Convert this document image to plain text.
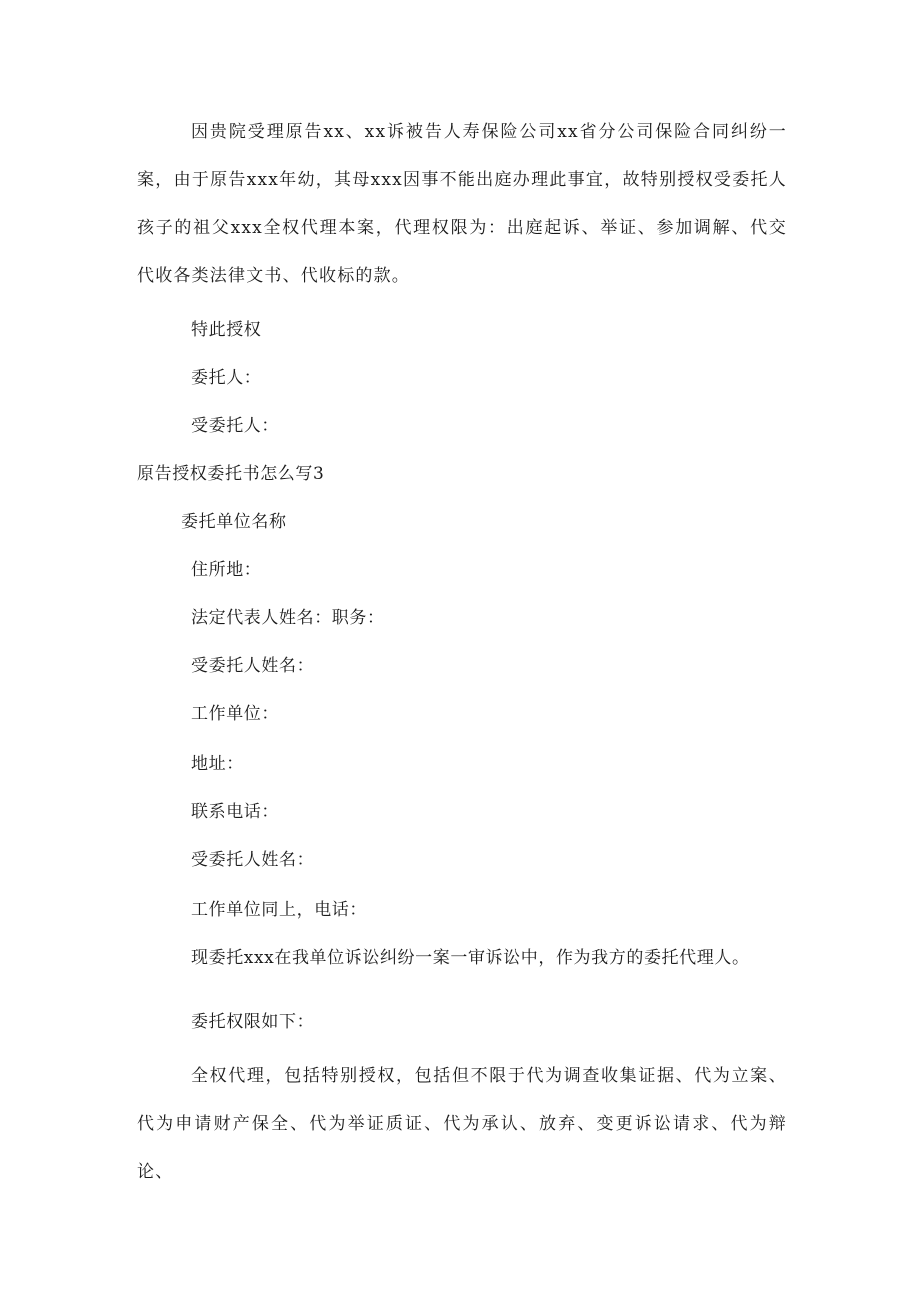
因贵院受理原告xx、xx诉被告人寿保险公司xx省分公司保险合同纠纷一案，由于原告xxx年幼，其母xxx因事不能出庭办理此事宜，故特别授权受委托人孩子的祖父xxx全权代理本案，代理权限为：出庭起诉、举证、参加调解、代交代收各类法律文书、代收标的款。
特此授权
委托人：
受委托人：
原告授权委托书怎么写3
委托单位名称
住所地：
法定代表人姓名：职务：
受委托人姓名：
工作单位：
地址：
联系电话：
受委托人姓名：
工作单位同上，电话：
现委托xxx在我单位诉讼纠纷一案一审诉讼中，作为我方的委托代理人。
委托权限如下：
全权代理，包括特别授权，包括但不限于代为调查收集证据、代为立案、代为申请财产保全、代为举证质证、代为承认、放弃、变更诉讼请求、代为辩论、
